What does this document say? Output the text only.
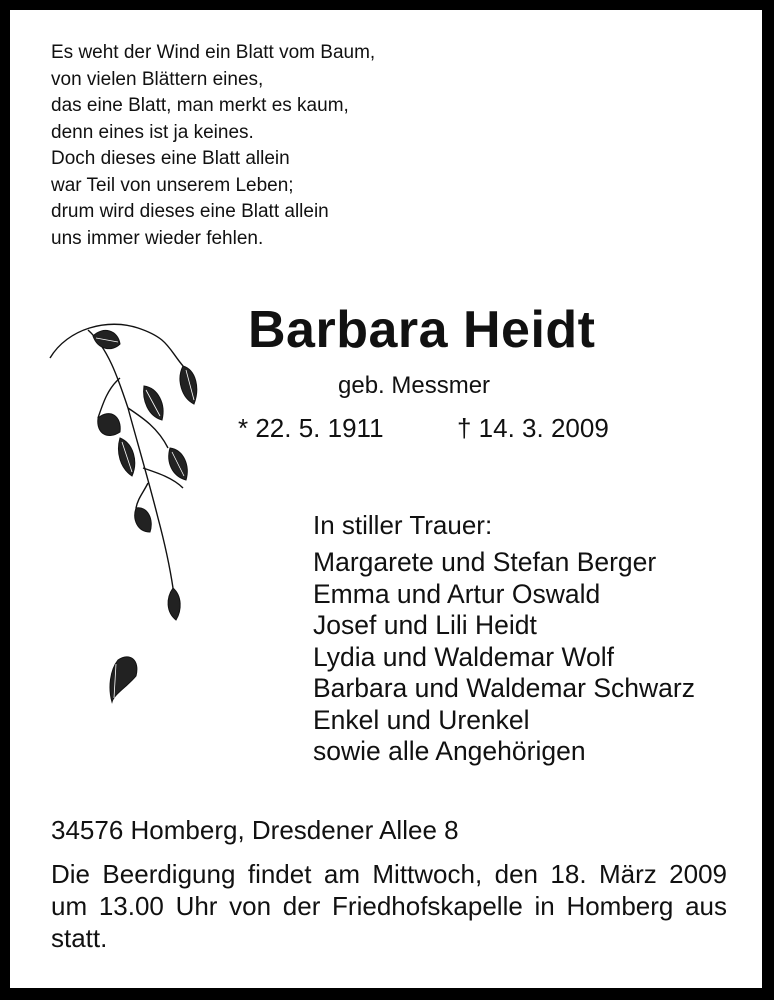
Es weht der Wind ein Blatt vom Baum,
von vielen Blättern eines,
das eine Blatt, man merkt es kaum,
denn eines ist ja keines.
Doch dieses eine Blatt allein
war Teil von unserem Leben;
drum wird dieses eine Blatt allein
uns immer wieder fehlen.
Barbara Heidt
geb. Messmer
* 22. 5. 1911	† 14. 3. 2009
In stiller Trauer:
Margarete und Stefan Berger
Emma und Artur Oswald
Josef und Lili Heidt
Lydia und Waldemar Wolf
Barbara und Waldemar Schwarz
Enkel und Urenkel
sowie alle Angehörigen
34576 Homberg, Dresdener Allee 8
Die Beerdigung findet am Mittwoch, den 18. März 2009 um 13.00 Uhr von der Friedhofskapelle in Homberg aus statt.
